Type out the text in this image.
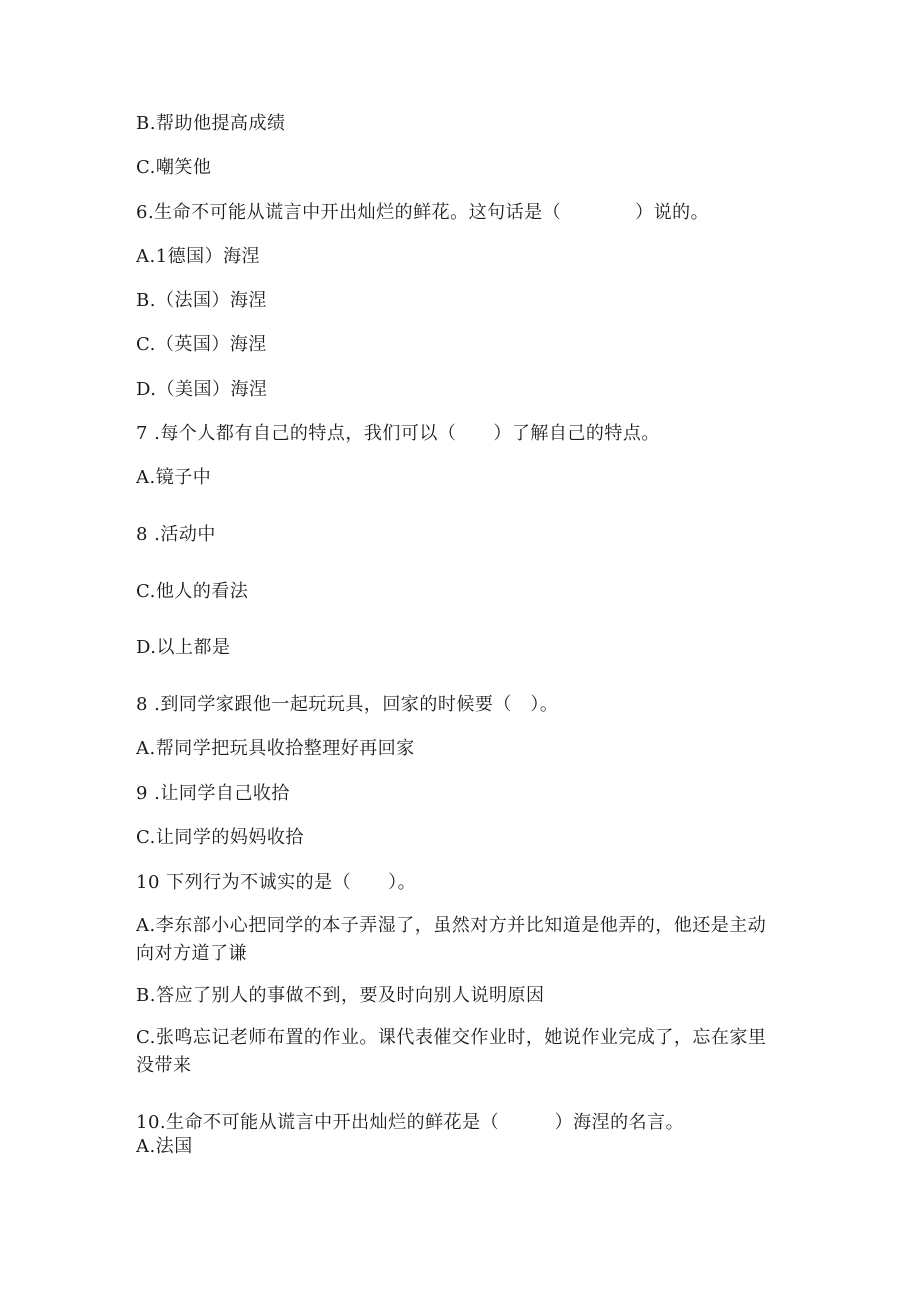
B.帮助他提高成绩
C.嘲笑他
6.生命不可能从谎言中开出灿烂的鲜花。这句话是（　　　　）说的。
A.1德国）海涅
B.（法国）海涅
C.（英国）海涅
D.（美国）海涅
7 .每个人都有自己的特点，我们可以（　　）了解自己的特点。
A.镜子中
8 .活动中
C.他人的看法
D.以上都是
8 .到同学家跟他一起玩玩具，回家的时候要（　）。
A.帮同学把玩具收拾整理好再回家
9 .让同学自己收拾
C.让同学的妈妈收拾
10 下列行为不诚实的是（　　）。
A.李东部小心把同学的本子弄湿了，虽然对方并比知道是他弄的，他还是主动向对方道了谦
B.答应了别人的事做不到，要及时向别人说明原因
C.张鸣忘记老师布置的作业。课代表催交作业时，她说作业完成了，忘在家里没带来
10.生命不可能从谎言中开出灿烂的鲜花是（　　　）海涅的名言。
A.法国
